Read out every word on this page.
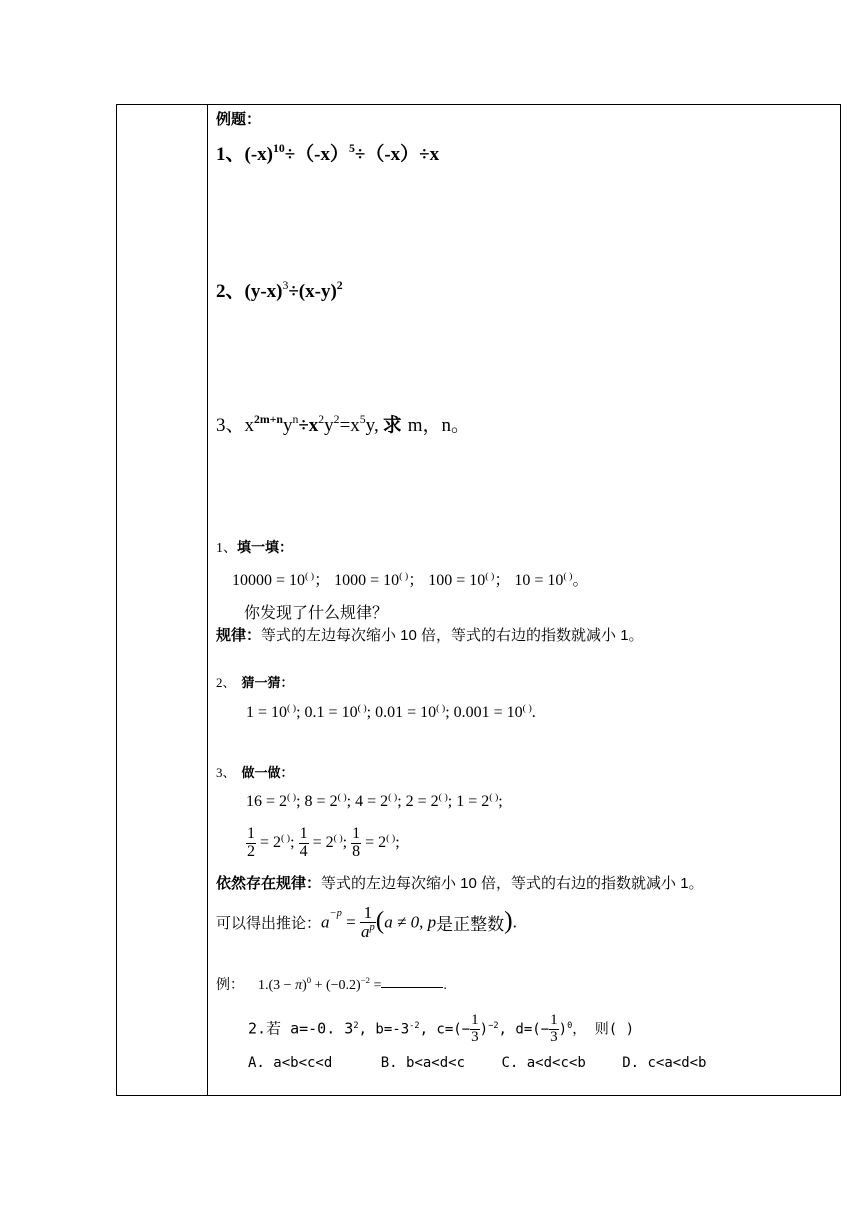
例题：
1、$(-x)^{10}\div(-x)^5\div(-x)\div x$
2、$(y-x)^3\div(x-y)^2$
3、$x^{2m+n}y^n\div x^2y^2=x^5y$, 求 m，n。
1、填一填：
10000 = 10( )； 1000 = 10( )； 100 = 10( )； 10 = 10( )。
你发现了什么规律？
规律：等式的左边每次缩小 10 倍，等式的右边的指数就减小 1。
2、 猜一猜：
1 = 10( ); 0.1 = 10( ); 0.01 = 10( ); 0.001 = 10( ).
3、 做一做：
16 = 2( ); 8 = 2( ); 4 = 2( ); 2 = 2( ); 1 = 2( );
$\frac{1}{2} = 2^{( )}$; $\frac{1}{4} = 2^{( )}$; $\frac{1}{8} = 2^{( )}$;
依然存在规律：等式的左边每次缩小 10 倍，等式的右边的指数就减小 1。
可以得出推论：$a^{-p} = \frac{1}{a^p} (a \ne 0$, p是正整数).
例： $1.(3 - \pi)^0 + (-0.2)^{-2}$ =	.
2.若 a=-0. $3^2$, $b=-3^{-2}$, $c=(- \frac{1}{3} )^{-2}$, $d=(- \frac{1}{3} )^0$， 则( )
A. a<b<c<d	B. b<a<d<c	C. a<d<c<b	D. c<a<d<b
